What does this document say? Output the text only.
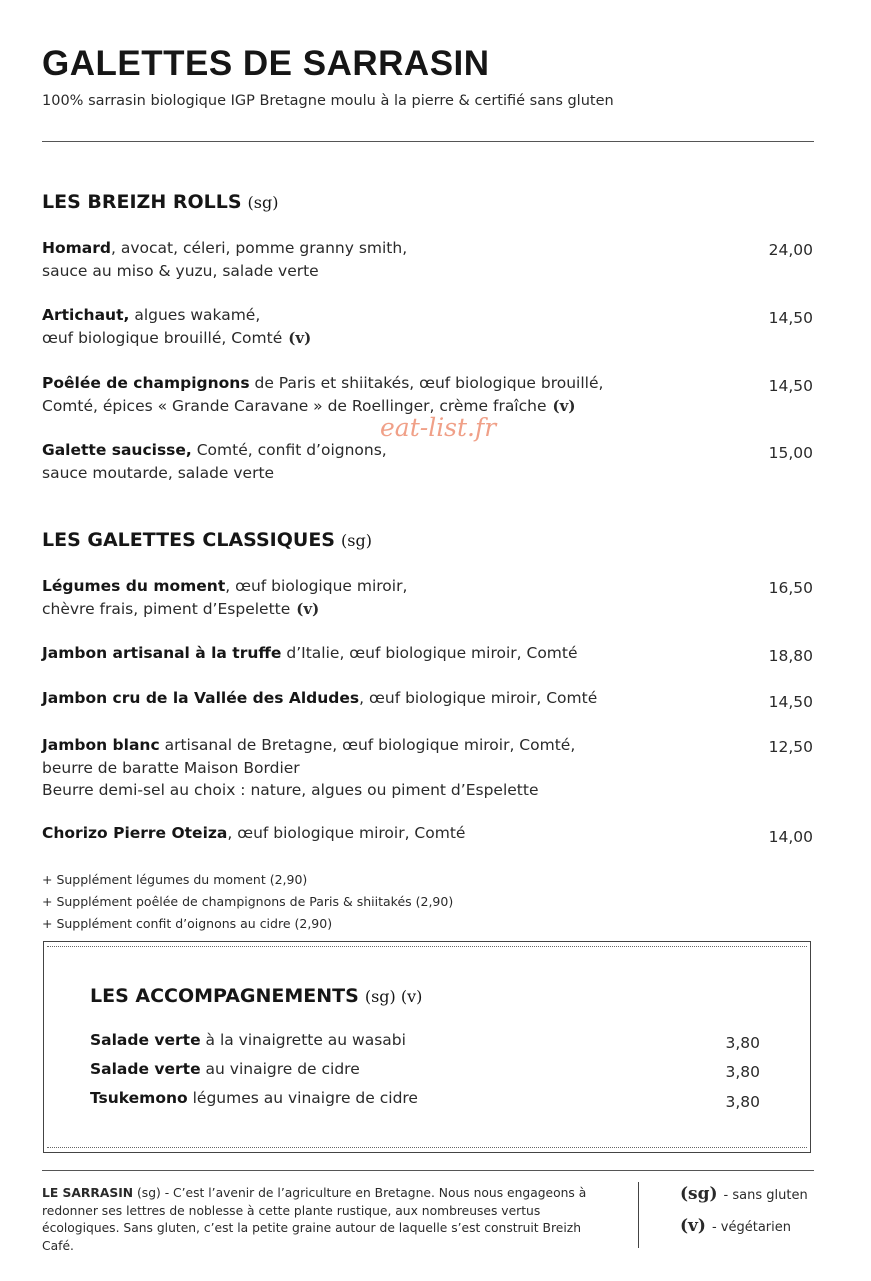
GALETTES DE SARRASIN
100% sarrasin biologique IGP Bretagne moulu à la pierre & certifié sans gluten
eat-list.fr
LES BREIZH ROLLS (sg)
Homard, avocat, céleri, pomme granny smith,
sauce au miso & yuzu, salade verte
24,00
Artichaut, algues wakamé,
œuf biologique brouillé, Comté (v)
14,50
Poêlée de champignons de Paris et shiitakés, œuf biologique brouillé,
Comté, épices « Grande Caravane » de Roellinger, crème fraîche (v)
14,50
Galette saucisse, Comté, confit d’oignons,
sauce moutarde, salade verte
15,00
LES GALETTES CLASSIQUES (sg)
Légumes du moment, œuf biologique miroir,
chèvre frais, piment d’Espelette (v)
16,50
Jambon artisanal à la truffe d’Italie, œuf biologique miroir, Comté	18,80
Jambon cru de la Vallée des Aldudes, œuf biologique miroir, Comté	14,50
Jambon blanc artisanal de Bretagne, œuf biologique miroir, Comté,
beurre de baratte Maison Bordier
Beurre demi-sel au choix : nature, algues ou piment d’Espelette
12,50
Chorizo Pierre Oteiza, œuf biologique miroir, Comté	14,00
+ Supplément légumes du moment (2,90)
+ Supplément poêlée de champignons de Paris & shiitakés (2,90)
+ Supplément confit d’oignons au cidre (2,90)
LES ACCOMPAGNEMENTS (sg) (v)
Salade verte à la vinaigrette au wasabi	3,80
Salade verte au vinaigre de cidre	3,80
Tsukemono légumes au vinaigre de cidre	3,80
LE SARRASIN (sg) - C’est l’avenir de l’agriculture en Bretagne. Nous nous engageons à redonner ses lettres de noblesse à cette plante rustique, aux nombreuses vertus écologiques. Sans gluten, c’est la petite graine autour de laquelle s’est construit Breizh Café.
(sg) - sans gluten
(v) - végétarien
